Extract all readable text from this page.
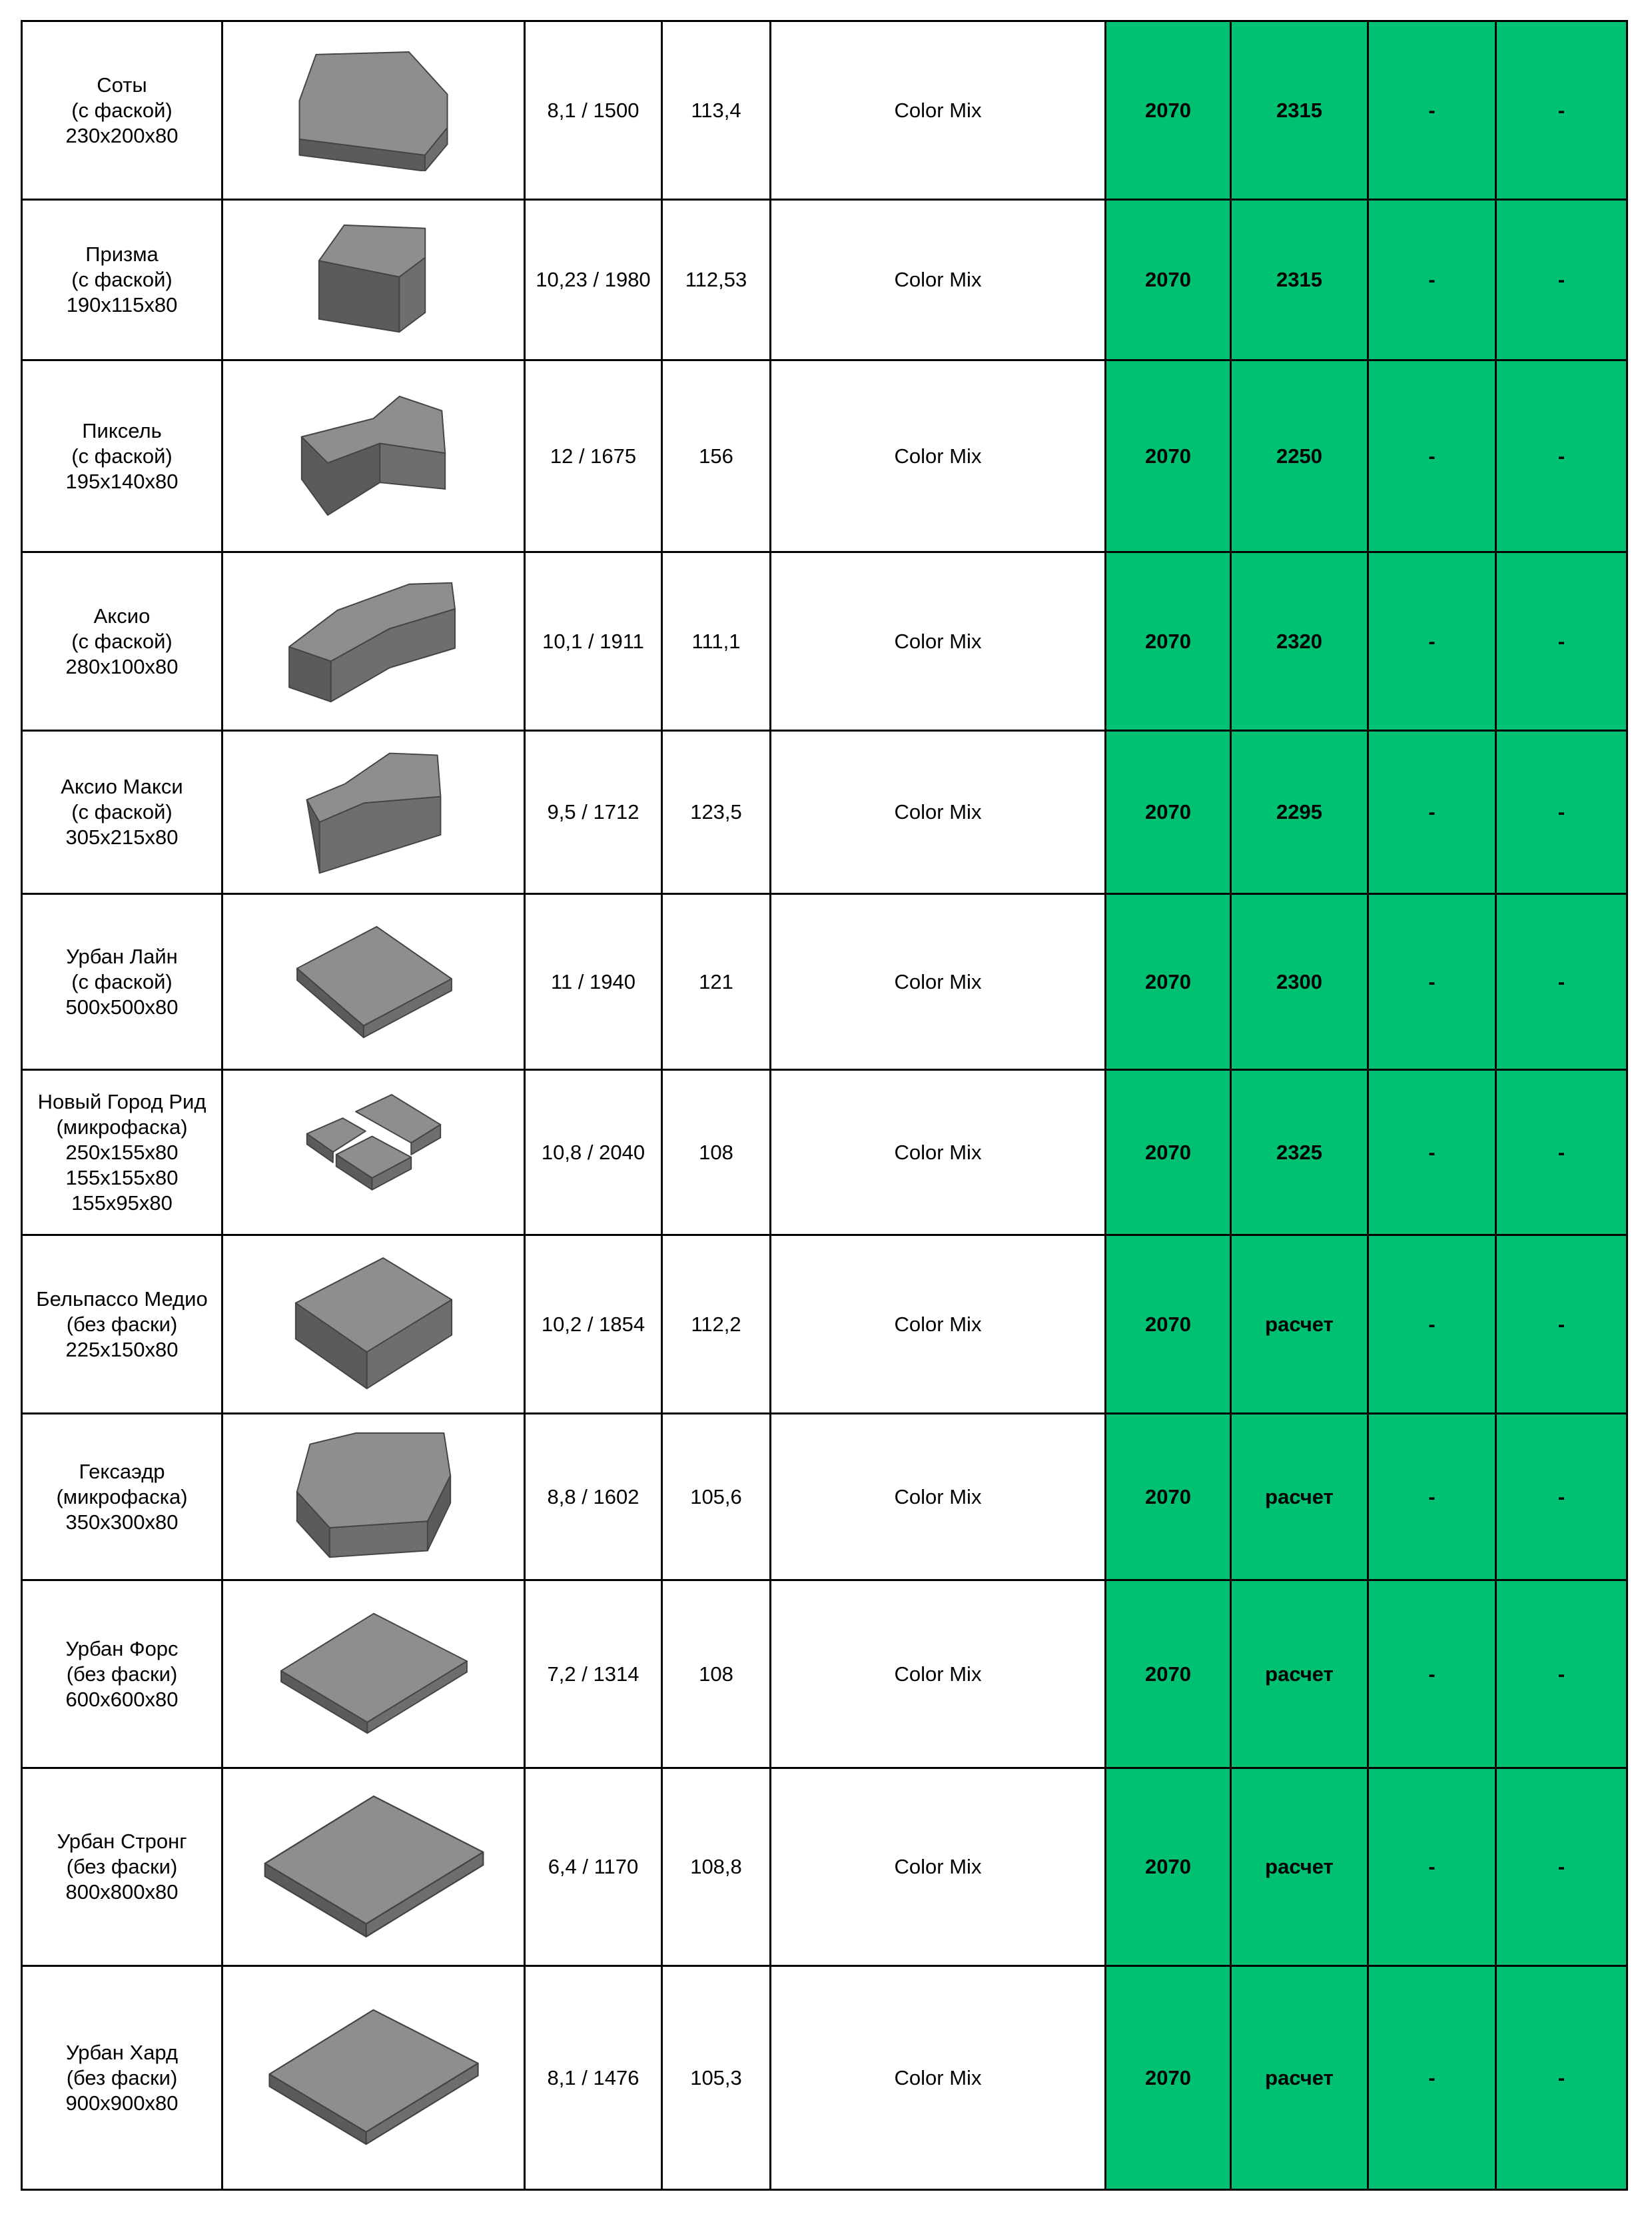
Соты
(с фаской)
230x200x80		8,1 / 1500	113,4	Color Mix	2070	2315	-	-

Призма
(с фаской)
190x115x80		10,23 / 1980	112,53	Color Mix	2070	2315	-	-

Пиксель
(с фаской)
195x140x80		12 / 1675	156	Color Mix	2070	2250	-	-

Аксио
(с фаской)
280x100x80		10,1 / 1911	111,1	Color Mix	2070	2320	-	-

Аксио Макси
(с фаской)
305x215x80		9,5 / 1712	123,5	Color Mix	2070	2295	-	-

Урбан Лайн
(с фаской)
500x500x80		11 / 1940	121	Color Mix	2070	2300	-	-

Новый Город Рид
(микрофаска)
250x155x80
155x155x80
155x95x80		10,8 / 2040	108	Color Mix	2070	2325	-	-

Бельпассо Медио
(без фаски)
225x150x80		10,2 / 1854	112,2	Color Mix	2070	расчет	-	-

Гексаэдр
(микрофаска)
350x300x80		8,8 / 1602	105,6	Color Mix	2070	расчет	-	-

Урбан Форс
(без фаски)
600x600x80		7,2 / 1314	108	Color Mix	2070	расчет	-	-

Урбан Стронг
(без фаски)
800x800x80		6,4 / 1170	108,8	Color Mix	2070	расчет	-	-

Урбан Хард
(без фаски)
900x900x80		8,1 / 1476	105,3	Color Mix	2070	расчет	-	-
